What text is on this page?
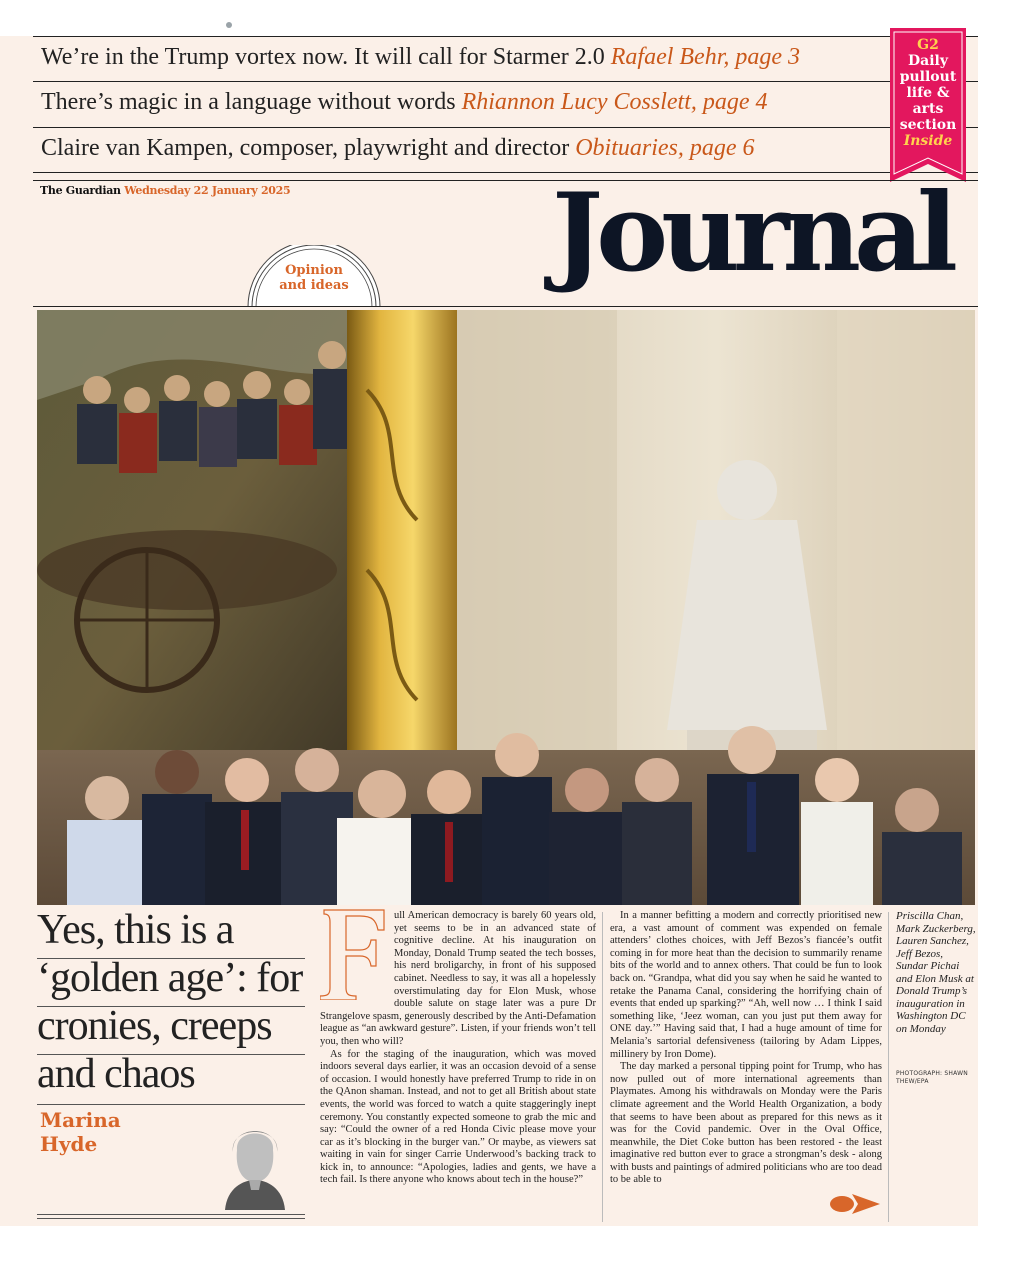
We’re in the Trump vortex now. It will call for Starmer 2.0 Rafael Behr, page 3
There’s magic in a language without words Rhiannon Lucy Cosslett, page 4
Claire van Kampen, composer, playwright and director Obituaries, page 6
G2
Daily
pullout
life &
arts
section
Inside
The Guardian Wednesday 22 January 2025 Journal
Opinion
and ideas
Yes, this is a
‘golden age’: for
cronies, creeps
and chaos
Marina
Hyde

ull American democracy is barely 60 years old, yet seems to be in an advanced state of cognitive decline. At his inauguration on Monday, Donald Trump seated the tech bosses, his nerd broligarchy, in front of his supposed cabinet. Needless to say, it was all a hopelessly overstimulating day for Elon Musk, whose double salute on stage later was a pure Dr Strangelove spasm, generously described by the Anti-Defamation league as “an awkward gesture”. Listen, if your friends won’t tell you, then who will?

As for the staging of the inauguration, which was moved indoors several days earlier, it was an occasion devoid of a sense of occasion. I would honestly have preferred Trump to ride in on the QAnon shaman. Instead, and not to get all British about state events, the world was forced to watch a quite staggeringly inept ceremony. You constantly expected someone to grab the mic and say: “Could the owner of a red Honda Civic please move your car as it’s blocking in the burger van.” Or maybe, as viewers sat waiting in vain for singer Carrie Underwood’s backing track to kick in, to announce: “Apologies, ladies and gents, we have a tech fail. Is there anyone who knows about tech in the house?”

In a manner befitting a modern and correctly prioritised new era, a vast amount of comment was expended on female attenders’ clothes choices, with Jeff Bezos’s fiancée’s outfit coming in for more heat than the decision to summarily rename bits of the world and to annex others. That could be fun to look back on. “Grandpa, what did you say when he said he wanted to retake the Panama Canal, considering the horrifying chain of events that ended up sparking?” “Ah, well now … I think I said something like, ‘Jeez woman, can you just put them away for ONE day.’” Having said that, I had a huge amount of time for Melania’s sartorial defensiveness (tailoring by Adam Lippes, millinery by Iron Dome).

The day marked a personal tipping point for Trump, who has now pulled out of more international agreements than Playmates. Among his withdrawals on Monday were the Paris climate agreement and the World Health Organization, a body that seems to have been about as prepared for this news as it was for the Covid pandemic. Over in the Oval Office, meanwhile, the Diet Coke button has been restored - the least imaginative red button ever to grace a strongman’s desk - along with busts and paintings of admired politicians who are too dead to be able to

Priscilla Chan, Mark Zuckerberg, Lauren Sanchez, Jeff Bezos, Sundar Pichai and Elon Musk at Donald Trump’s inauguration in Washington DC on Monday
PHOTOGRAPH: SHAWN THEW/EPA
